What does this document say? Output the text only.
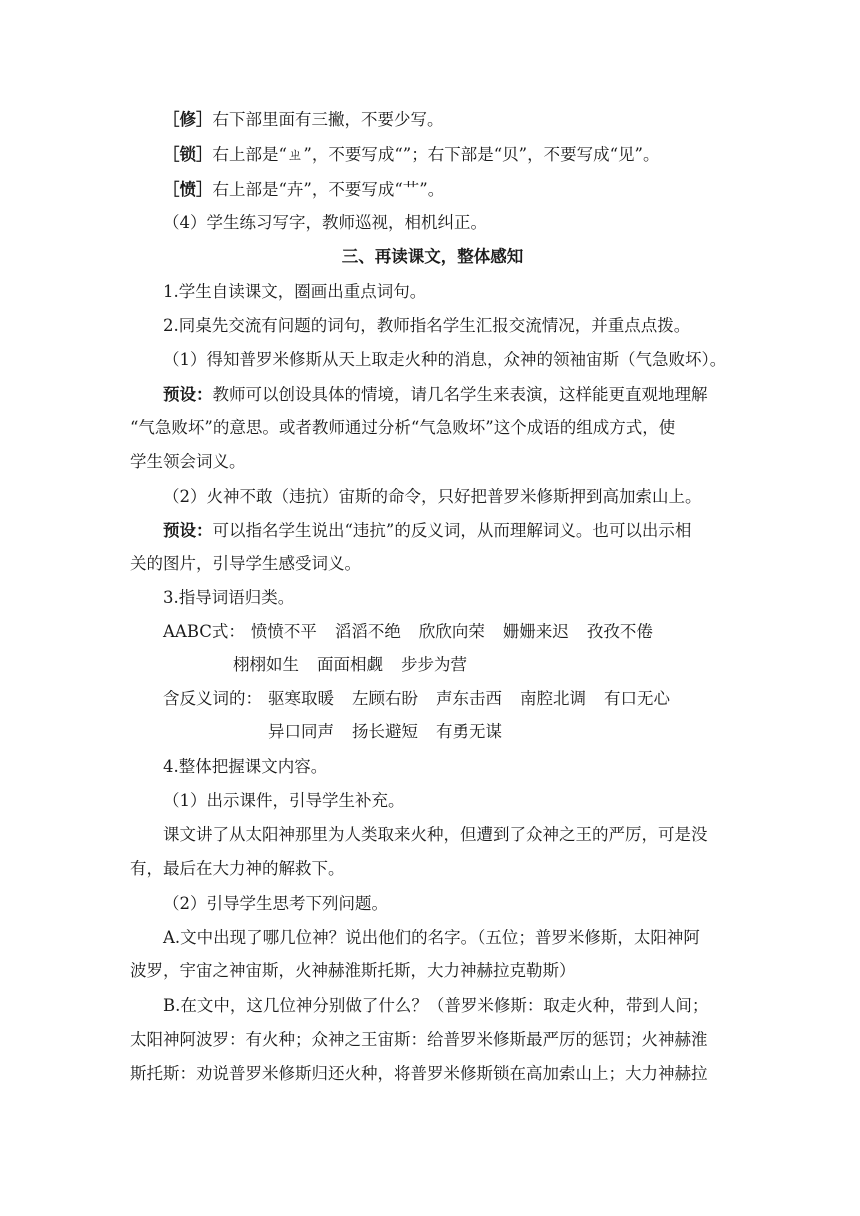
［修］右下部里面有三撇，不要少写。
［锁］右上部是“ㄓ”，不要写成“”；右下部是“贝”，不要写成“见”。
［愤］右上部是“卉”，不要写成“艹”。
（4）学生练习写字，教师巡视，相机纠正。
三、再读课文，整体感知
1.学生自读课文，圈画出重点词句。
2.同桌先交流有问题的词句，教师指名学生汇报交流情况，并重点点拨。
（1）得知普罗米修斯从天上取走火种的消息，众神的领袖宙斯（气急败坏）。
预设：教师可以创设具体的情境，请几名学生来表演，这样能更直观地理解
“气急败坏”的意思。或者教师通过分析“气急败坏”这个成语的组成方式，使
学生领会词义。
（2）火神不敢（违抗）宙斯的命令，只好把普罗米修斯押到高加索山上。
预设：可以指名学生说出“违抗”的反义词，从而理解词义。也可以出示相
关的图片，引导学生感受词义。
3.指导词语归类。
AABC式： 愤愤不平 滔滔不绝 欣欣向荣 姗姗来迟 孜孜不倦
栩栩如生 面面相觑 步步为营
含反义词的： 驱寒取暖 左顾右盼 声东击西 南腔北调 有口无心
异口同声 扬长避短 有勇无谋
4.整体把握课文内容。
（1）出示课件，引导学生补充。
课文讲了从太阳神那里为人类取来火种，但遭到了众神之王的严厉，可是没
有，最后在大力神的解救下。
（2）引导学生思考下列问题。
A.文中出现了哪几位神？说出他们的名字。（五位；普罗米修斯，太阳神阿
波罗，宇宙之神宙斯，火神赫淮斯托斯，大力神赫拉克勒斯）
B.在文中，这几位神分别做了什么？（普罗米修斯：取走火种，带到人间；
太阳神阿波罗：有火种；众神之王宙斯：给普罗米修斯最严厉的惩罚；火神赫淮
斯托斯：劝说普罗米修斯归还火种，将普罗米修斯锁在高加索山上；大力神赫拉
